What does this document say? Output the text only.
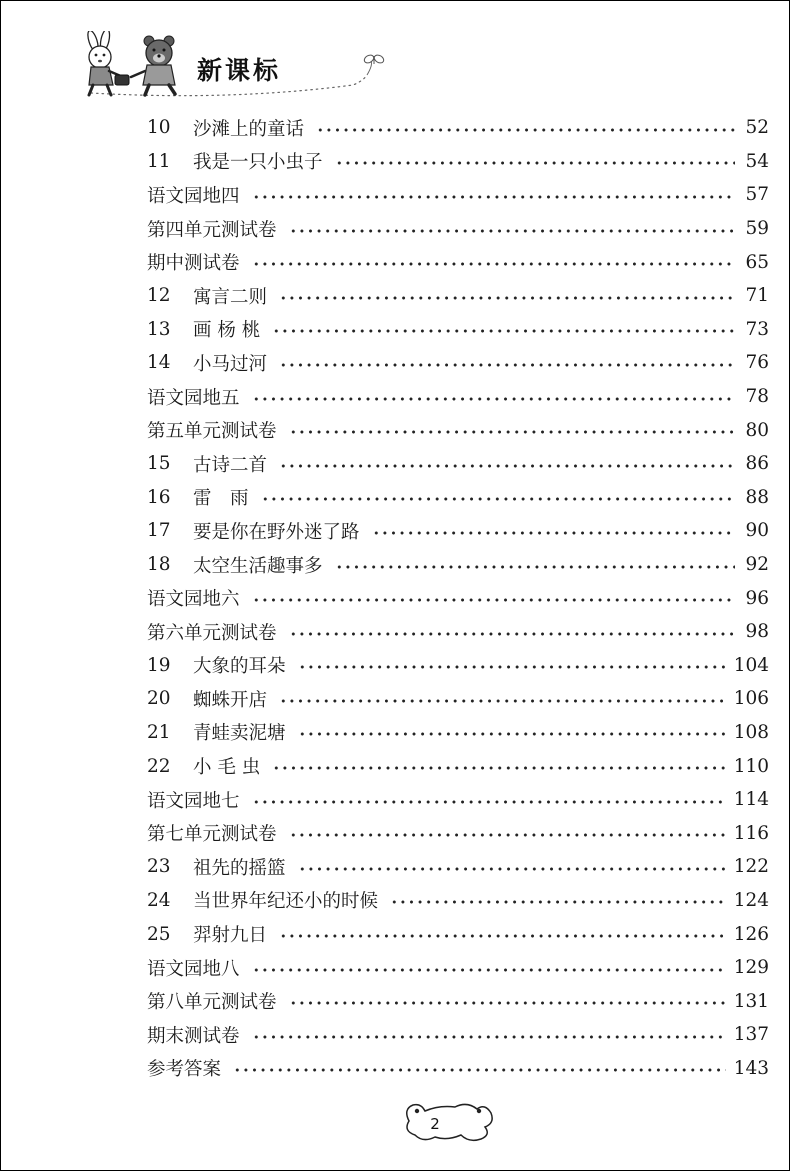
新课标
10	沙滩上的童话	52
11	我是一只小虫子	54
语文园地四	57
第四单元测试卷	59
期中测试卷	65
12	寓言二则	71
13	画 杨 桃	73
14	小马过河	76
语文园地五	78
第五单元测试卷	80
15	古诗二首	86
16	雷　雨	88
17	要是你在野外迷了路	90
18	太空生活趣事多	92
语文园地六	96
第六单元测试卷	98
19	大象的耳朵	104
20	蜘蛛开店	106
21	青蛙卖泥塘	108
22	小 毛 虫	110
语文园地七	114
第七单元测试卷	116
23	祖先的摇篮	122
24	当世界年纪还小的时候	124
25	羿射九日	126
语文园地八	129
第八单元测试卷	131
期末测试卷	137
参考答案	143
2
